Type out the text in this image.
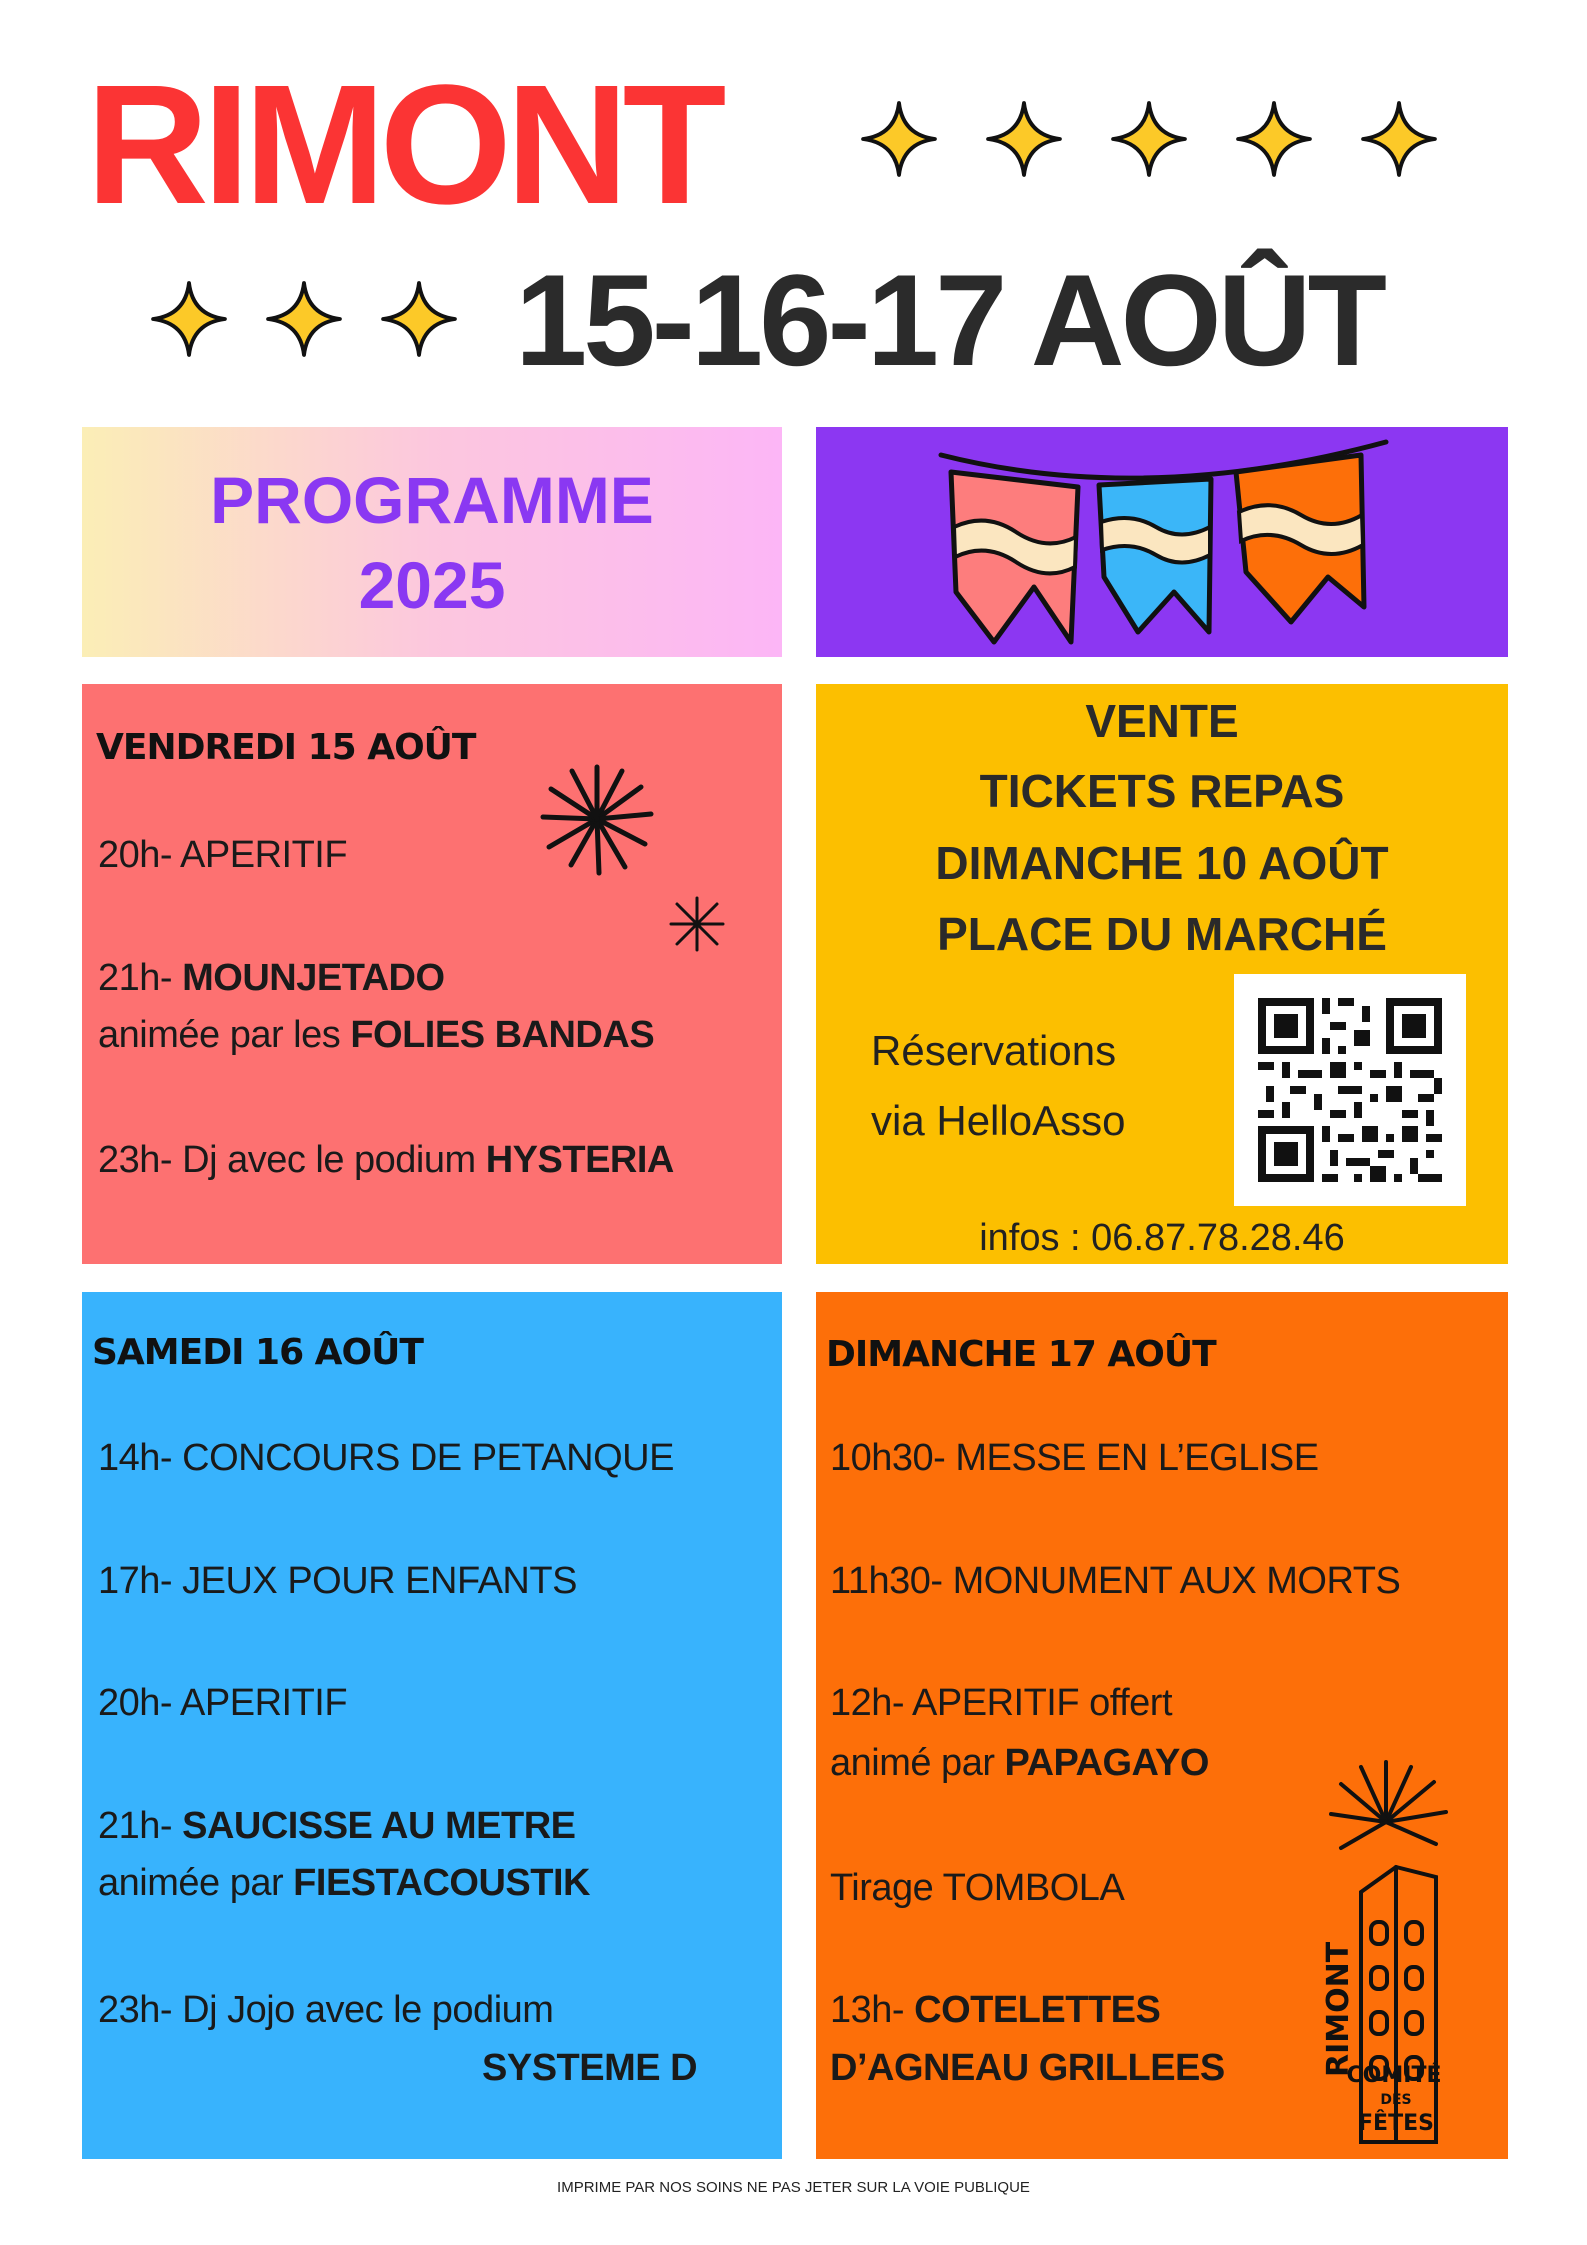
RIMONT
15-16-17 AOÛT
PROGRAMME
2025
VENDREDI 15 AOÛT
20h- APERITIF
21h- MOUNJETADO
animée par les FOLIES BANDAS
23h- Dj avec le podium HYSTERIA
VENTE
TICKETS REPAS
DIMANCHE 10 AOÛT
PLACE DU MARCHÉ
Réservations
via HelloAsso
infos : 06.87.78.28.46
SAMEDI 16 AOÛT
14h- CONCOURS DE PETANQUE
17h- JEUX POUR ENFANTS
20h- APERITIF
21h- SAUCISSE AU METRE
animée par FIESTACOUSTIK
23h- Dj Jojo avec le podium
SYSTEME D
DIMANCHE 17 AOÛT
10h30- MESSE EN L’EGLISE
11h30- MONUMENT AUX MORTS
12h- APERITIF offert
animé par PAPAGAYO
Tirage TOMBOLA
13h- COTELETTES
D’AGNEAU GRILLEES	RIMONT
COMITÉ
DES
FÊTES
IMPRIME PAR NOS SOINS NE PAS JETER SUR LA VOIE PUBLIQUE
